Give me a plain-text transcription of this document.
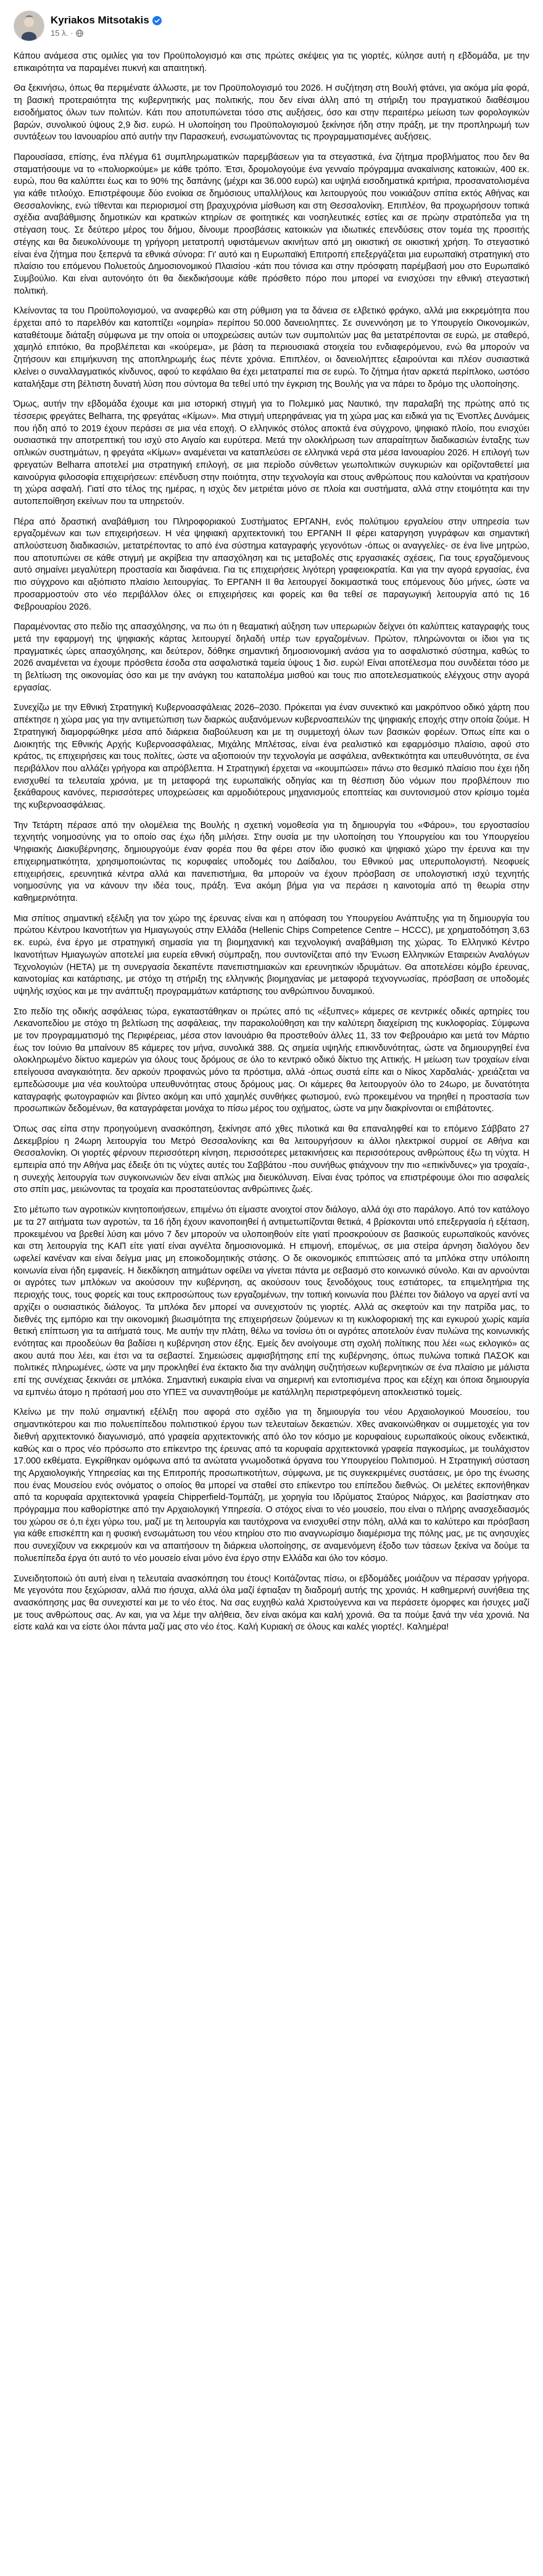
Kyriakos Mitsotakis
15 λ. ·

Κάπου ανάμεσα στις ομιλίες για τον Προϋπολογισμό και στις πρώτες σκέψεις για τις γιορτές, κύλησε αυτή η εβδομάδα, με την επικαιρότητα να παραμένει πυκνή και απαιτητική.

Θα ξεκινήσω, όπως θα περιμένατε άλλωστε, με τον Προϋπολογισμό του 2026. Η συζήτηση στη Βουλή φτάνει, για ακόμα μία φορά, τη βασική προτεραιότητα της κυβερνητικής μας πολιτικής, που δεν είναι άλλη από τη στήριξη του πραγματικού διαθέσιμου εισοδήματος όλων των πολιτών. Κάτι που αποτυπώνεται τόσο στις αυξήσεις, όσο και στην περαιτέρω μείωση των φορολογικών βαρών, συνολικού ύψους 2,9 δισ. ευρώ. Η υλοποίηση του Προϋπολογισμού ξεκίνησε ήδη στην πράξη, με την προπληρωμή των συντάξεων του Ιανουαρίου από αυτήν την Παρασκευή, ενσωματώνοντας τις προγραμματισμένες αυξήσεις.

Παρουσίασα, επίσης, ένα πλέγμα 61 συμπληρωματικών παρεμβάσεων για τα στεγαστικά, ένα ζήτημα προβλήματος που δεν θα σταματήσουμε να το «πολιορκούμε» με κάθε τρόπο. Έτσι, δρομολογούμε ένα γενναίο πρόγραμμα ανακαίνισης κατοικιών, 400 εκ. ευρώ, που θα καλύπτει έως και το 90% της δαπάνης (μέχρι και 36.000 ευρώ) και υψηλά εισοδηματικά κριτήρια, προσανατολισμένα για κάθε τιτλούχο. Επιστρέφουμε δύο ενοίκια σε δημόσιους υπαλλήλους και λειτουργούς που νοικιάζουν σπίτια εκτός Αθήνας και Θεσσαλονίκης, ενώ τίθενται και περιορισμοί στη βραχυχρόνια μίσθωση και στη Θεσσαλονίκη. Επιπλέον, θα προχωρήσουν τοπικά σχέδια αναβάθμισης δημοτικών και κρατικών κτηρίων σε φοιτητικές και νοσηλευτικές εστίες και σε πρώην στρατόπεδα για τη στέγαση τους. Σε δεύτερο μέρος του δήμου, δίνουμε προσβάσεις κατοικιών για ιδιωτικές επενδύσεις στον τομέα της προσιτής στέγης και θα διευκολύνουμε τη γρήγορη μετατροπή υφιστάμενων ακινήτων από μη οικιστική σε οικιστική χρήση. Το στεγαστικό είναι ένα ζήτημα που ξεπερνά τα εθνικά σύνορα: Γι' αυτό και η Ευρωπαϊκή Επιτροπή επεξεργάζεται μια ευρωπαϊκή στρατηγική στο πλαίσιο του επόμενου Πολυετούς Δημοσιονομικού Πλαισίου -κάτι που τόνισα και στην πρόσφατη παρέμβασή μου στο Ευρωπαϊκό Συμβούλιο. Και είναι αυτονόητο ότι θα διεκδικήσουμε κάθε πρόσθετο πόρο που μπορεί να ενισχύσει την εθνική στεγαστική πολιτική.

Κλείνοντας τα του Προϋπολογισμού, να αναφερθώ και στη ρύθμιση για τα δάνεια σε ελβετικό φράγκο, αλλά μια εκκρεμότητα που έρχεται από το παρελθόν και κατοπτίζει «ομηρία» περίπου 50.000 δανειοληπτες. Σε συνεννόηση με το Υπουργείο Οικονομικών, καταθέτουμε διάταξη σύμφωνα με την οποία οι υποχρεώσεις αυτών των συμπολιτών μας θα μετατρέπονται σε ευρώ, με σταθερό, χαμηλό επιτόκιο, θα προβλέπεται και «κούρεμα», με βάση τα περιουσιακά στοιχεία του ενδιαφερόμενου, ενώ θα μπορούν να ζητήσουν και επιμήκυνση της αποπληρωμής έως πέντε χρόνια. Επιπλέον, οι δανειολήπτες εξαιρούνται και πλέον συσιαστικά κλείνει ο συναλλαγματικός κίνδυνος, αφού το κεφάλαιο θα έχει μετατραπεί πια σε ευρώ. Το ζήτημα ήταν αρκετά περίπλοκο, ωστόσο καταλήξαμε στη βέλτιστη δυνατή λύση που σύντομα θα τεθεί υπό την έγκριση της Βουλής για να πάρει το δρόμο της υλοποίησης.

Όμως, αυτήν την εβδομάδα έχουμε και μια ιστορική στιγμή για το Πολεμικό μας Ναυτικό, την παραλαβή της πρώτης από τις τέσσερις φρεγάτες Belharra, της φρεγάτας «Κίμων». Μια στιγμή υπερηφάνειας για τη χώρα μας και ειδικά για τις Ένοπλες Δυνάμεις που ήδη από το 2019 έχουν περάσει σε μια νέα εποχή. Ο ελληνικός στόλος αποκτά ένα σύγχρονο, ψηφιακό πλοίο, που ενισχύει ουσιαστικά την αποτρεπτική του ισχύ στο Αιγαίο και ευρύτερα. Μετά την ολοκλήρωση των απαραίτητων διαδικασιών ένταξης των οπλικών συστημάτων, η φρεγάτα «Κίμων» αναμένεται να καταπλεύσει σε ελληνικά νερά στα μέσα Ιανουαρίου 2026. Η επιλογή των φρεγατών Belharra αποτελεί μια στρατηγική επιλογή, σε μια περίοδο σύνθετων γεωπολιτικών συγκυριών και ορίζονταθετεί μια καινούργια φιλοσοφία επιχειρήσεων: επένδυση στην ποιότητα, στην τεχνολογία και στους ανθρώπους που καλούνται να κρατήσουν τη χώρα ασφαλή. Γιατί στο τέλος της ημέρας, η ισχύς δεν μετριέται μόνο σε πλοία και συστήματα, αλλά στην ετοιμότητα και την αυτοπεποίθηση εκείνων που τα υπηρετούν.

Πέρα από δραστική αναβάθμιση του Πληροφοριακού Συστήματος ΕΡΓΑΝΗ, ενός πολύτιμου εργαλείου στην υπηρεσία των εργαζομένων και των επιχειρήσεων. Η νέα ψηφιακή αρχιτεκτονική του ΕΡΓΑΝΗ ΙΙ φέρει καταργηση γυγράφων και σημαντική απλούστευση διαδικασιών, μετατρέποντας το από ένα σύστημα καταγραφής γεγονότων -όπως οι αναγγελίες- σε ένα live μητρώο, που αποτυπώνει σε κάθε στιγμή με ακρίβεια την απασχόληση και τις μεταβολές στις εργασιακές σχέσεις, Για τους εργαζόμενους αυτό σημαίνει μεγαλύτερη προστασία και διαφάνεια. Για τις επιχειρήσεις λιγότερη γραφειοκρατία. Και για την αγορά εργασίας, ένα πιο σύγχρονο και αξιόπιστο πλαίσιο λειτουργίας. Το ΕΡΓΑΝΗ ΙΙ θα λειτουργεί δοκιμαστικά τους επόμενους δύο μήνες, ώστε να προσαρμοστούν στο νέο περιβάλλον όλες οι επιχειρήσεις και φορείς και θα τεθεί σε παραγωγική λειτουργία από τις 16 Φεβρουαρίου 2026.

Παραμένοντας στο πεδίο της απασχόλησης, να πω ότι η θεαματική αύξηση των υπερωριών δείχνει ότι καλύπτεις καταγραφής τους μετά την εφαρμογή της ψηφιακής κάρτας λειτουργεί δηλαδή υπέρ των εργαζομένων. Πρώτον, πληρώνονται οι ίδιοι για τις πραγματικές ώρες απασχόλησης, και δεύτερον, δόθηκε σημαντική δημοσιονομική ανάσα για το ασφαλιστικό σύστημα, καθώς το 2026 αναμένεται να έχουμε πρόσθετα έσοδα στα ασφαλιστικά ταμεία ύψους 1 δισ. ευρώ! Είναι αποτέλεσμα που συνδέεται τόσο με τη βελτίωση της οικονομίας όσο και με την ανάγκη του καταπολέμα μισθού και τους πιο αποτελεσματικούς ελέγχους στην αγορά εργασίας.

Συνεχίζω με την Εθνική Στρατηγική Κυβερνοασφάλειας 2026–2030. Πρόκειται για έναν συνεκτικό και μακρόπνοο οδικό χάρτη που απέκτησε η χώρα μας για την αντιμετώπιση των διαρκώς αυξανόμενων κυβερνοαπειλών της ψηφιακής εποχής στην οποία ζούμε. Η Στρατηγική διαμορφώθηκε μέσα από διάρκεια διαβούλευση και με τη συμμετοχή όλων των βασικών φορέων. Όπως είπε και ο Διοικητής της Εθνικής Αρχής Κυβερνοασφάλειας, Μιχάλης Μπλέτσας, είναι ένα ρεαλιστικό και εφαρμόσιμο πλαίσιο, αφού στο κράτος, τις επιχειρήσεις και τους πολίτες, ώστε να αξιοποιούν την τεχνολογία με ασφάλεια, ανθεκτικότητα και υπευθυνότητα, σε ένα περιβάλλον που αλλάζει γρήγορα και απρόβλεπτα. Η Στρατηγική έρχεται να «κουμπώσει» πάνω στο θεσμικό πλαίσιο που έχει ήδη ενισχυθεί τα τελευταία χρόνια, με τη μεταφορά της ευρωπαϊκής οδηγίας και τη θέσπιση δύο νόμων που προβλέπουν πιο ξεκάθαρους κανόνες, περισσότερες υποχρεώσεις και αρμοδιότερους μηχανισμούς εποπτείας και συντονισμού στον κρίσιμο τομέα της κυβερνοασφάλειας.

Την Τετάρτη πέρασε από την ολομέλεια της Βουλής η σχετική νομοθεσία για τη δημιουργία του «Φάρου», του εργοστασίου τεχνητής νοημοσύνης για το οποίο σας έχω ήδη μιλήσει. Στην ουσία με την υλοποίηση του Υπουργείου και του Υπουργείου Ψηφιακής Διακυβέρνησης, δημιουργούμε έναν φορέα που θα φέρει στον ίδιο φυσικό και ψηφιακό χώρο την έρευνα και την επιχειρηματικότητα, χρησιμοποιώντας τις κορυφαίες υποδομές του Δαίδαλου, του Εθνικού μας υπερυπολογιστή. Νεοφυείς επιχειρήσεις, ερευνητικά κέντρα αλλά και πανεπιστήμια, θα μπορούν να έχουν πρόσβαση σε υπολογιστική ισχύ τεχνητής νοημοσύνης για να κάνουν την ιδέα τους, πράξη. Ένα ακόμη βήμα για να περάσει η καινοτομία από τη θεωρία στην καθημερινότητα.

Μια σπίτιος σημαντική εξέλιξη για τον χώρο της έρευνας είναι και η απόφαση του Υπουργείου Ανάπτυξης για τη δημιουργία του πρώτου Κέντρου Ικανοτήτων για Ημιαγωγούς στην Ελλάδα (Hellenic Chips Competence Centre – HCCC), με χρηματοδότηση 3,63 εκ. ευρώ, ένα έργο με στρατηγική σημασία για τη βιομηχανική και τεχνολογική αναβάθμιση της χώρας. Το Ελληνικό Κέντρο Ικανοτήτων Ημιαγωγών αποτελεί μια ευρεία εθνική σύμπραξη, που συντονίζεται από την Ένωση Ελληνικών Εταιρειών Αναλόγων Τεχνολογιών (ΗΕΤΑ) με τη συνεργασία δεκαπέντε πανεπιστημιακών και ερευνητικών ιδρυμάτων. Θα αποτελέσει κόμβο έρευνας, καινοτομίας και κατάρτισης, με στόχο τη στήριξη της ελληνικής βιομηχανίας με μεταφορά τεχνογνωσίας, πρόσβαση σε υποδομές υψηλής ισχύος και με την ανάπτυξη προγραμμάτων κατάρτισης του ανθρώπινου δυναμικού.

Στο πεδίο της οδικής ασφάλειας τώρα, εγκαταστάθηκαν οι πρώτες από τις «έξυπνες» κάμερες σε κεντρικές οδικές αρτηρίες του Λεκανοπεδίου με στόχο τη βελτίωση της ασφάλειας, την παρακολούθηση και την καλύτερη διαχείριση της κυκλοφορίας. Σύμφωνα με τον προγραμματισμό της Περιφέρειας, μέσα στον Ιανουάριο θα προστεθούν άλλες 11, 33 τον Φεβρουάριο και μετά τον Μάρτιο έως τον Ιούνιο θα μπαίνουν 85 κάμερες τον μήνα, συνολικά 388. Ως σημεία υψηλής επικινδυνότητας, ώστε να δημιουργηθεί ένα ολοκληρωμένο δίκτυο καμερών για όλους τους δρόμους σε όλο το κεντρικό οδικό δίκτυο της Αττικής. Η μείωση των τροχαίων είναι επείγουσα αναγκαιότητα. δεν αρκούν προφανώς μόνο τα πρόστιμα, αλλά -όπως συστά είπε και ο Νίκος Χαρδαλιάς- χρειάζεται να εμπεδώσουμε μια νέα κουλτούρα υπευθυνότητας στους δρόμους μας. Οι κάμερες θα λειτουργούν όλο το 24ωρο, με δυνατότητα καταγραφής φωτογραφιών και βίντεο ακόμη και υπό χαμηλές συνθήκες φωτισμού, ενώ προκειμένου να τηρηθεί η προστασία των προσωπικών δεδομένων, θα καταγράφεται μονάχα το πίσω μέρος του οχήματος, ώστε να μην διακρίνονται οι επιβάτοντες.

Όπως σας είπα στην προηγούμενη ανασκόπηση, ξεκίνησε από χθες πιλοτικά και θα επαναληφθεί και το επόμενο Σάββατο 27 Δεκεμβρίου η 24ωρη λειτουργία του Μετρό Θεσσαλονίκης και θα λειτουργήσουν κι άλλοι ηλεκτρικοί συρμοί σε Αθήνα και Θεσσαλονίκη. Οι γιορτές φέρνουν περισσότερη κίνηση, περισσότερες μετακινήσεις και περισσότερους ανθρώπους έξω τη νύχτα. Η εμπειρία από την Αθήνα μας έδειξε ότι τις νύχτες αυτές του Σαββάτου -που συνήθως φτιάχνουν την πιο «επικίνδυνες» για τροχαία-, η συνεχής λειτουργία των συγκοινωνιών δεν είναι απλώς μια διευκόλυνση. Είναι ένας τρόπος να επιστρέφουμε όλοι πιο ασφαλείς στο σπίτι μας, μειώνοντας τα τροχαία και προστατεύοντας ανθρώπινες ζωές.

Στο μέτωπο των αγροτικών κινητοποιήσεων, επιμένω ότι είμαστε ανοιχτοί στον διάλογο, αλλά όχι στο παράλογο. Από τον κατάλογο με τα 27 αιτήματα των αγροτών, τα 16 ήδη έχουν ικανοποιηθεί ή αντιμετωπίζονται θετικά, 4 βρίσκονται υπό επεξεργασία ή εξέταση, προκειμένου να βρεθεί λύση και μόνο 7 δεν μπορούν να υλοποιηθούν είτε γιατί προσκρούουν σε βασικούς ευρωπαϊκούς κανόνες και στη λειτουργία της ΚΑΠ είτε γιατί είναι αγνέλτα δημοσιονομικά. Η επιμονή, επομένως, σε μια στείρα άρνηση διαλόγου δεν ωφελεί κανέναν και είναι δείγμα μιας μη εποικοδομητικής στάσης. Ο δε οικονομικός επιπτώσεις από τα μπλόκα στην υπόλοιπη κοινωνία είναι ήδη εμφανείς. Η διεκδίκηση αιτημάτων οφείλει να γίνεται πάντα με σεβασμό στο κοινωνικό σύνολο. Και αν αρνούνται οι αγρότες των μπλόκων να ακούσουν την κυβέρνηση, ας ακούσουν τους ξενοδόχους τους εστιάτορες, τα επιμελητήρια της περιοχής τους, τους φορείς και τους εκπροσώπους των εργαζομένων, την τοπική κοινωνία που βλέπει τον διάλογο να αργεί αντί να αρχίζει ο ουσιαστικός διάλογος. Τα μπλόκα δεν μπορεί να συνεχιστούν τις γιορτές. Αλλά ας σκεφτούν και την πατρίδα μας, το διεθνές της εμπόριο και την οικονομική βιωσιμότητα της επιχειρήσεων ζούμενων κι τη κυκλοφοριακή της και εγκυρού χωρίς καμία θετική επίπτωση για τα αιτήματά τους. Με αυτήν την πλάτη, θέλω να τονίσω ότι οι αγρότες αποτελούν έναν πυλώνα της κοινωνικής ενότητας και προοδεύων θα βαδίσει η κυβέρνηση στον έξης. Εμείς δεν ανοίγουμε στη σχολή πολίτικης που λέει «ως εκλογικό» ας ακου αυτά που λέει, και έτσι να τα σεβαστεί. Σημειώσεις αμφισβήτησης επί της κυβέρνησης, όπως πυλώνα τοπικά ΠΑΣΟΚ και πολιτικές πληρωμένες, ώστε να μην προκληθεί ένα έκτακτο δια την ανάληψη συζητήσεων κυβερνητικών σε ένα πλαίσιο με μάλιστα επί της συνέχειας ξεκινάει σε μπλόκα. Σημαντική ευκαιρία είναι να σημερινή και εντοπισμένα προς και εξέχη και όποια δημιουργία να εμπνέω άτομο η πρότασή μου στο ΥΠΕΞ να συναντηθούμε με κατάλληλη περιστρεφόμενη αποκλειστικό τομείς.

Κλείνω με την πολύ σημαντική εξέλιξη που αφορά στο σχέδιο για τη δημιουργία του νέου Αρχαιολογικού Μουσείου, του σημαντικότερου και πιο πολυεπίπεδου πολιτιστικού έργου των τελευταίων δεκαετιών. Χθες ανακοινώθηκαν οι συμμετοχές για τον διεθνή αρχιτεκτονικό διαγωνισμό, από γραφεία αρχιτεκτονικής από όλο τον κόσμο με κορυφαίους ευρωπαϊκούς οίκους ενδεικτικά, καθώς και ο προς νέο πρόσωπο στο επίκεντρο της έρευνας από τα κορυφαία αρχιτεκτονικά γραφεία παγκοσμίως, με τουλάχιστον 17.000 εκθέματα. Εγκρίθηκαν ομόφωνα από τα ανώτατα γνωμοδοτικά όργανα του Υπουργείου Πολιτισμού. Η Στρατηγική σύσταση της Αρχαιολογικής Υπηρεσίας και της Επιτροπής προσωπικοτήτων, σύμφωνα, με τις συγκεκριμένες συστάσεις, με όρο της ένωσης που ένας Μουσείου ενός ονόματος ο οποίος θα μπορεί να σταθεί στο επίκεντρο του επίπεδου διεθνώς. Οι μελέτες εκπονήθηκαν από τα κορυφαία αρχιτεκτονικά γραφεία Chipperfield-Τομπάζη, με χορηγία του Ιδρύματος Σταύρος Νιάρχος, και βασίστηκαν στο πρόγραμμα που καθορίστηκε από την Αρχαιολογική Υπηρεσία. Ο στόχος είναι το νέο μουσείο, που είναι ο πλήρης ανασχεδιασμός του χώρου σε ό,τι έχει γύρω του, μαζί με τη λειτουργία και ταυτόχρονα να ενισχυθεί στην πόλη, αλλά και το καλύτερο και πρόσβαση για κάθε επισκέπτη και η φυσική ενσωμάτωση του νέου κτηρίου στο πιο αναγνωρίσιμο διαμέρισμα της πόλης μας, με τις ανησυχίες που συνεχίζουν να εκκρεμούν και να απαιτήσουν τη διάρκεια υλοποίησης, σε αναμενόμενη έξοδο των τάσεων ξεκίνα να δούμε τα πολυεπίπεδα έργα ότι αυτό το νέο μουσείο είναι μόνο ένα έργο στην Ελλάδα και όλο τον κόσμο.

Συνειδητοποιώ ότι αυτή είναι η τελευταία ανασκόπηση του έτους! Κοιτάζοντας πίσω, οι εβδομάδες μοιάζουν να πέρασαν γρήγορα. Με γεγονότα που ξεχώρισαν, αλλά πιο ήσυχα, αλλά όλα μαζί έφτιαξαν τη διαδρομή αυτής της χρονιάς. Η καθημερινή συνήθεια της ανασκόπησης μας θα συνεχιστεί και με το νέο έτος. Να σας ευχηθώ καλά Χριστούγεννα και να περάσετε όμορφες και ήσυχες μαζί με τους ανθρώπους σας. Αν και, για να λέμε την αλήθεια, δεν είναι ακόμα και καλή χρονιά. Θα τα πούμε ξανά την νέα χρονιά. Να είστε καλά και να είστε όλοι πάντα μαζί μας στο νέο έτος. Καλή Κυριακή σε όλους και καλές γιορτές!. Καλημέρα!
